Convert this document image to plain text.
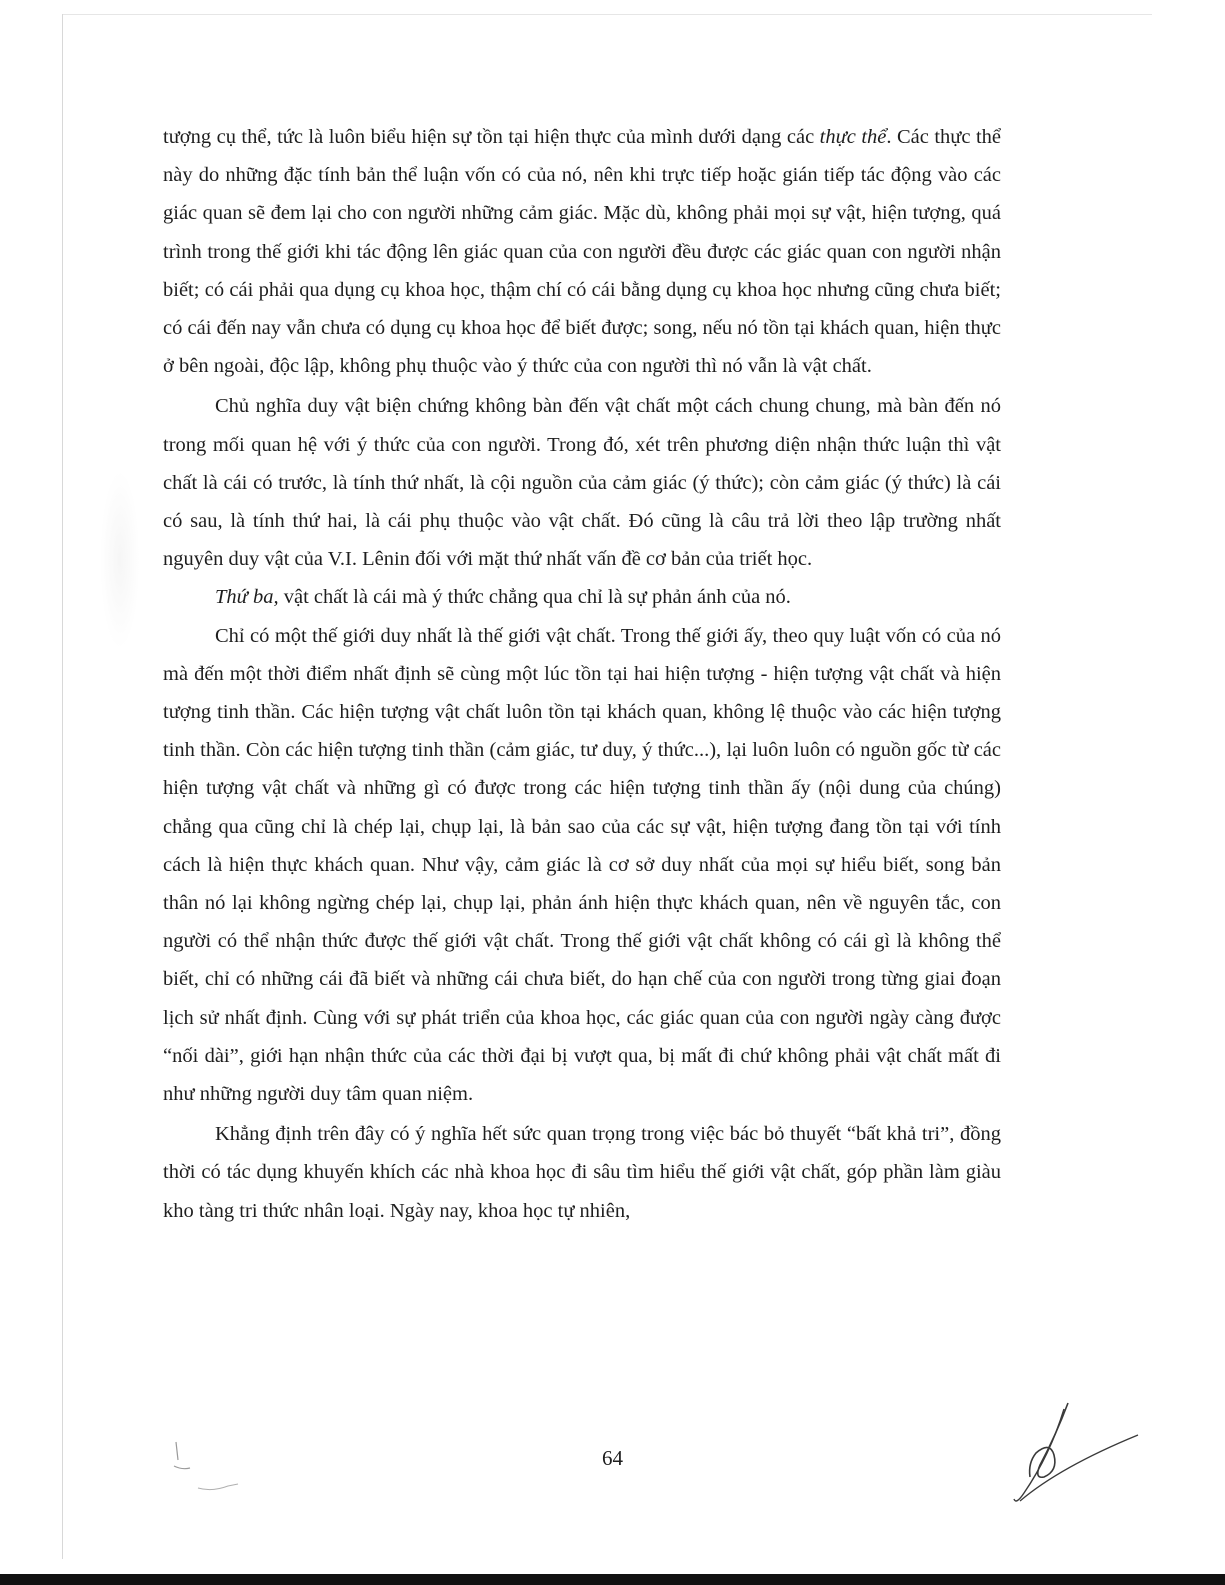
tượng cụ thể, tức là luôn biểu hiện sự tồn tại hiện thực của mình dưới dạng các thực thể. Các thực thể này do những đặc tính bản thể luận vốn có của nó, nên khi trực tiếp hoặc gián tiếp tác động vào các giác quan sẽ đem lại cho con người những cảm giác. Mặc dù, không phải mọi sự vật, hiện tượng, quá trình trong thế giới khi tác động lên giác quan của con người đều được các giác quan con người nhận biết; có cái phải qua dụng cụ khoa học, thậm chí có cái bằng dụng cụ khoa học nhưng cũng chưa biết; có cái đến nay vẫn chưa có dụng cụ khoa học để biết được; song, nếu nó tồn tại khách quan, hiện thực ở bên ngoài, độc lập, không phụ thuộc vào ý thức của con người thì nó vẫn là vật chất.

Chủ nghĩa duy vật biện chứng không bàn đến vật chất một cách chung chung, mà bàn đến nó trong mối quan hệ với ý thức của con người. Trong đó, xét trên phương diện nhận thức luận thì vật chất là cái có trước, là tính thứ nhất, là cội nguồn của cảm giác (ý thức); còn cảm giác (ý thức) là cái có sau, là tính thứ hai, là cái phụ thuộc vào vật chất. Đó cũng là câu trả lời theo lập trường nhất nguyên duy vật của V.I. Lênin đối với mặt thứ nhất vấn đề cơ bản của triết học.

Thứ ba, vật chất là cái mà ý thức chẳng qua chỉ là sự phản ánh của nó.

Chỉ có một thế giới duy nhất là thế giới vật chất. Trong thế giới ấy, theo quy luật vốn có của nó mà đến một thời điểm nhất định sẽ cùng một lúc tồn tại hai hiện tượng - hiện tượng vật chất và hiện tượng tinh thần. Các hiện tượng vật chất luôn tồn tại khách quan, không lệ thuộc vào các hiện tượng tinh thần. Còn các hiện tượng tinh thần (cảm giác, tư duy, ý thức...), lại luôn luôn có nguồn gốc từ các hiện tượng vật chất và những gì có được trong các hiện tượng tinh thần ấy (nội dung của chúng) chẳng qua cũng chỉ là chép lại, chụp lại, là bản sao của các sự vật, hiện tượng đang tồn tại với tính cách là hiện thực khách quan. Như vậy, cảm giác là cơ sở duy nhất của mọi sự hiểu biết, song bản thân nó lại không ngừng chép lại, chụp lại, phản ánh hiện thực khách quan, nên về nguyên tắc, con người có thể nhận thức được thế giới vật chất. Trong thế giới vật chất không có cái gì là không thể biết, chỉ có những cái đã biết và những cái chưa biết, do hạn chế của con người trong từng giai đoạn lịch sử nhất định. Cùng với sự phát triển của khoa học, các giác quan của con người ngày càng được “nối dài”, giới hạn nhận thức của các thời đại bị vượt qua, bị mất đi chứ không phải vật chất mất đi như những người duy tâm quan niệm.

Khẳng định trên đây có ý nghĩa hết sức quan trọng trong việc bác bỏ thuyết “bất khả tri”, đồng thời có tác dụng khuyến khích các nhà khoa học đi sâu tìm hiểu thế giới vật chất, góp phần làm giàu kho tàng tri thức nhân loại. Ngày nay, khoa học tự nhiên,

64
